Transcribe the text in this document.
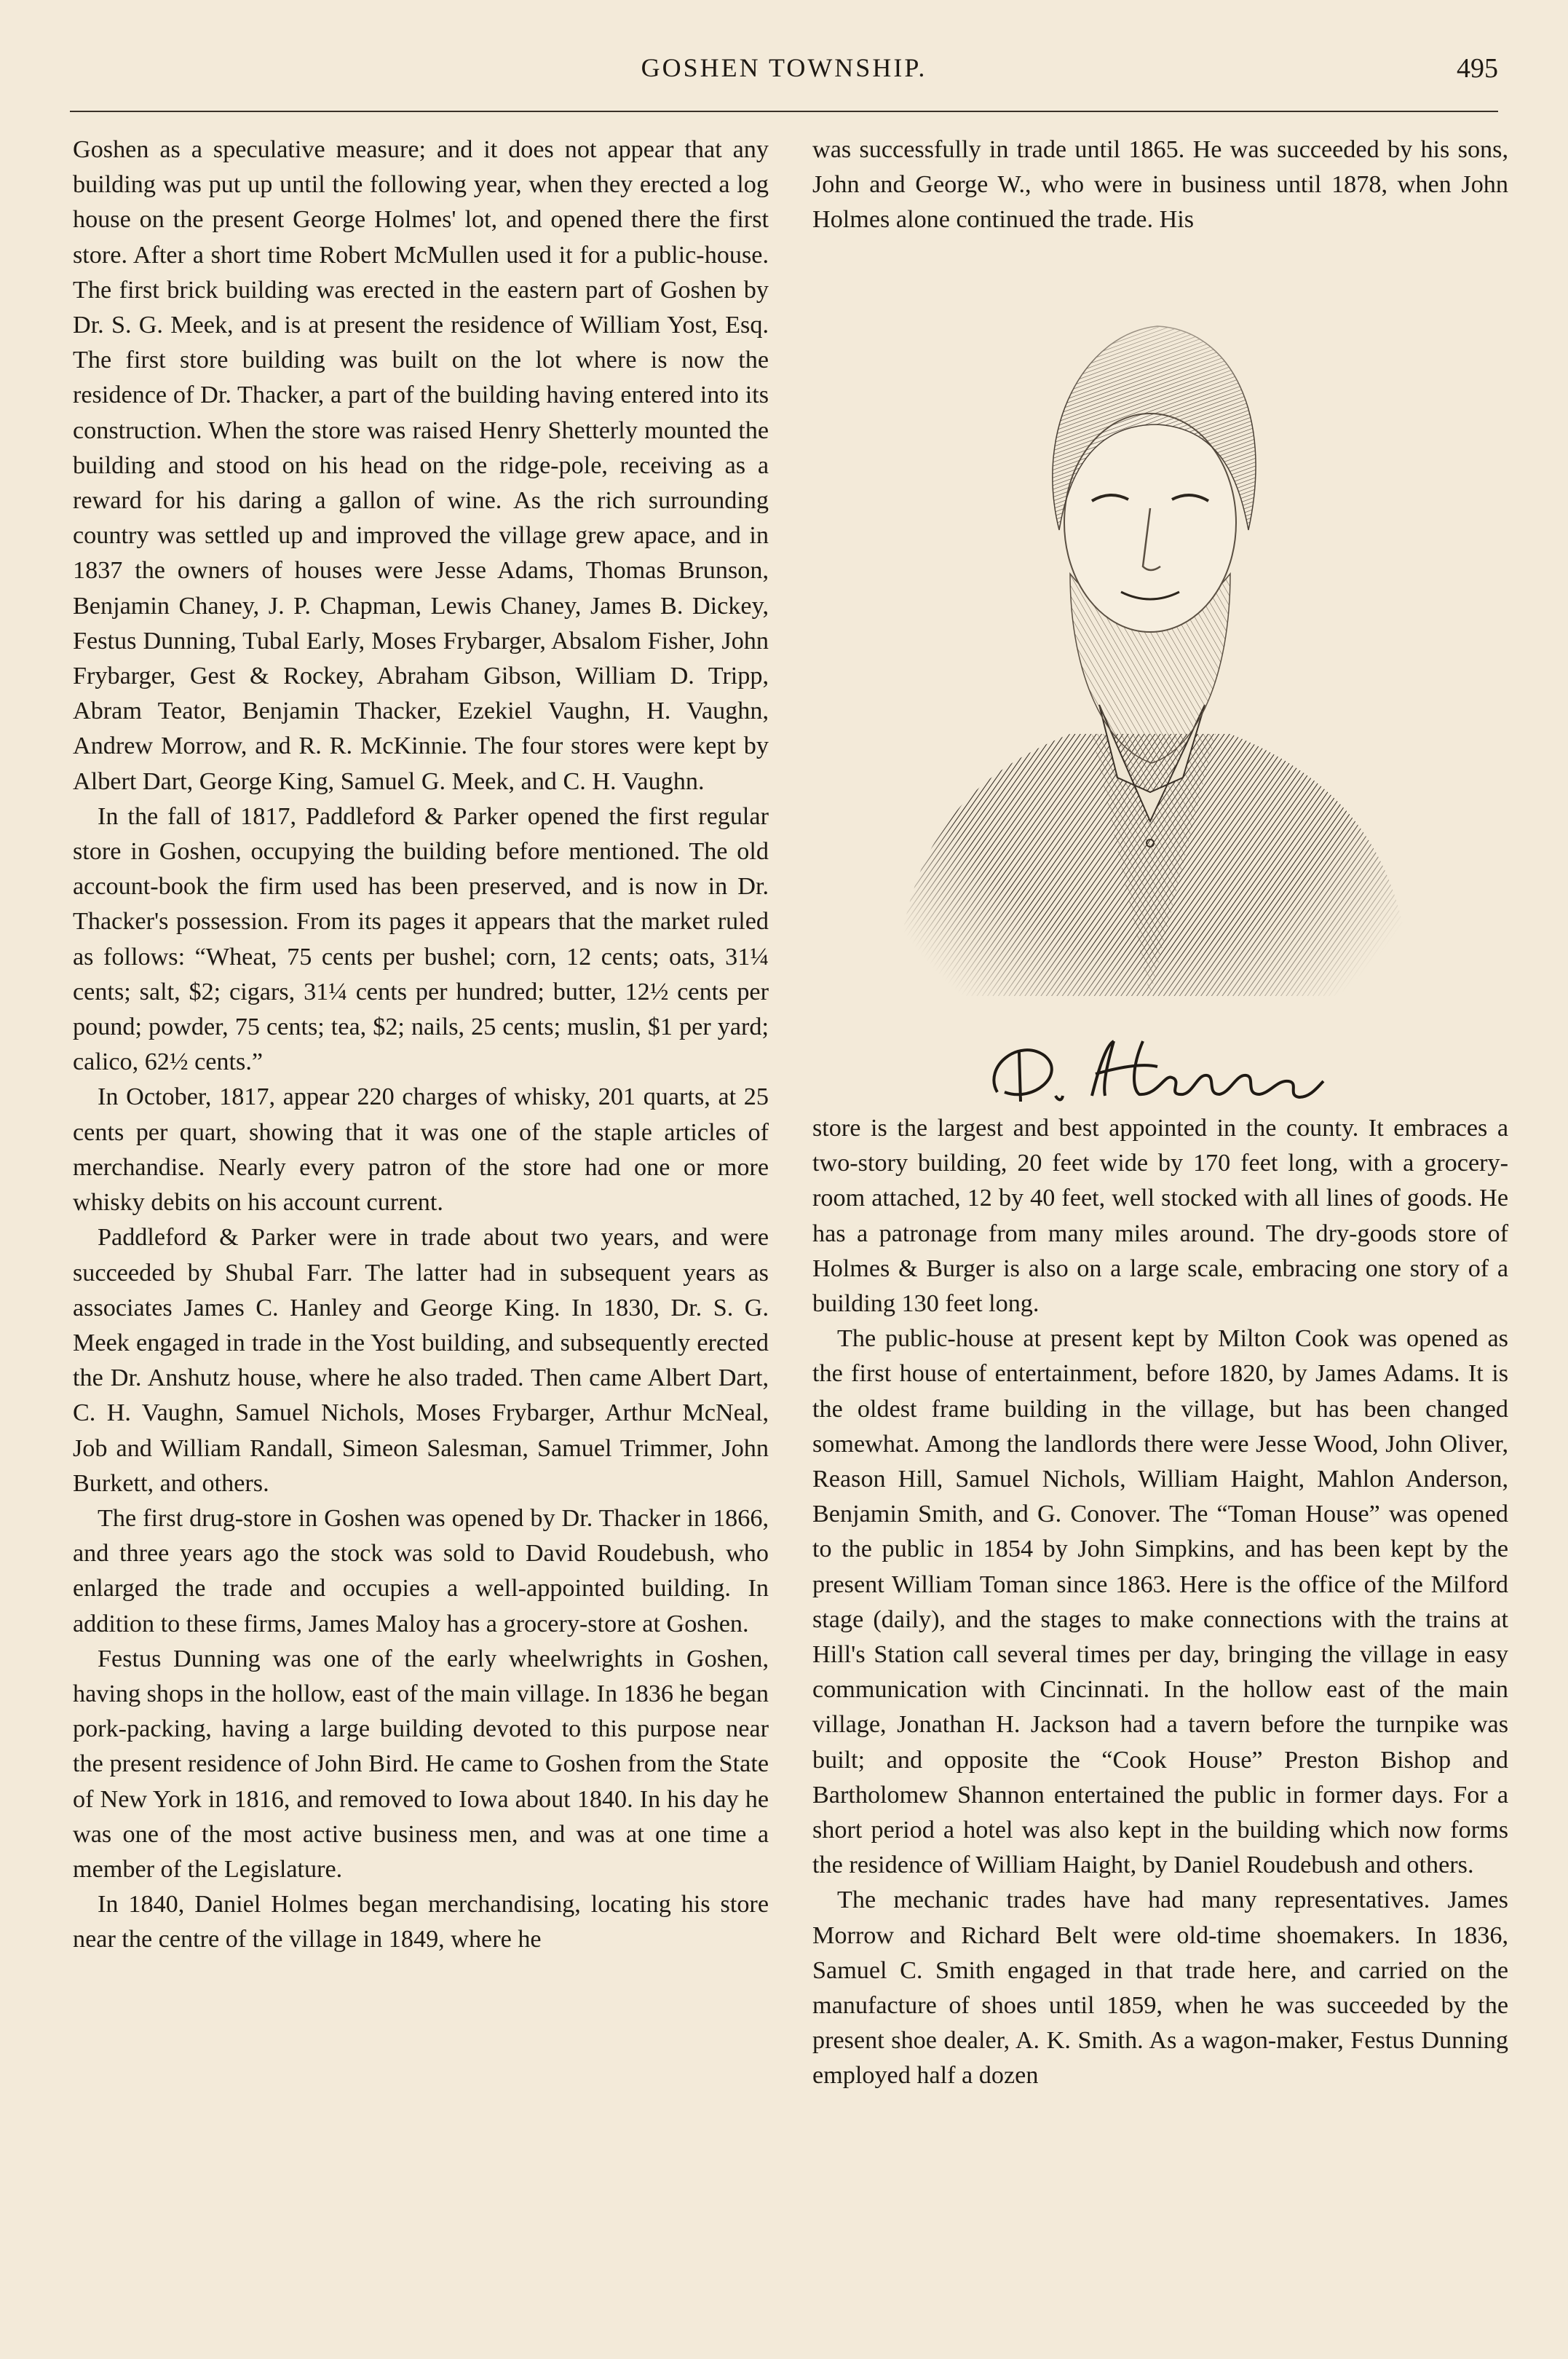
GOSHEN TOWNSHIP.	495

Goshen as a speculative measure; and it does not appear that any building was put up until the following year, when they erected a log house on the present George Holmes' lot, and opened there the first store. After a short time Robert McMullen used it for a public-house. The first brick building was erected in the eastern part of Goshen by Dr. S. G. Meek, and is at present the residence of William Yost, Esq. The first store building was built on the lot where is now the residence of Dr. Thacker, a part of the building having entered into its construction. When the store was raised Henry Shetterly mounted the building and stood on his head on the ridge-pole, receiving as a reward for his daring a gallon of wine. As the rich surrounding country was settled up and improved the village grew apace, and in 1837 the owners of houses were Jesse Adams, Thomas Brunson, Benjamin Chaney, J. P. Chapman, Lewis Chaney, James B. Dickey, Festus Dunning, Tubal Early, Moses Frybarger, Absalom Fisher, John Frybarger, Gest & Rockey, Abraham Gibson, William D. Tripp, Abram Teator, Benjamin Thacker, Ezekiel Vaughn, H. Vaughn, Andrew Morrow, and R. R. McKinnie. The four stores were kept by Albert Dart, George King, Samuel G. Meek, and C. H. Vaughn.

In the fall of 1817, Paddleford & Parker opened the first regular store in Goshen, occupying the building before mentioned. The old account-book the firm used has been preserved, and is now in Dr. Thacker's possession. From its pages it appears that the market ruled as follows: “Wheat, 75 cents per bushel; corn, 12 cents; oats, 31¼ cents; salt, $2; cigars, 31¼ cents per hundred; butter, 12½ cents per pound; powder, 75 cents; tea, $2; nails, 25 cents; muslin, $1 per yard; calico, 62½ cents.”

In October, 1817, appear 220 charges of whisky, 201 quarts, at 25 cents per quart, showing that it was one of the staple articles of merchandise. Nearly every patron of the store had one or more whisky debits on his account current.

Paddleford & Parker were in trade about two years, and were succeeded by Shubal Farr. The latter had in subsequent years as associates James C. Hanley and George King. In 1830, Dr. S. G. Meek engaged in trade in the Yost building, and subsequently erected the Dr. Anshutz house, where he also traded. Then came Albert Dart, C. H. Vaughn, Samuel Nichols, Moses Frybarger, Arthur McNeal, Job and William Randall, Simeon Salesman, Samuel Trimmer, John Burkett, and others.

The first drug-store in Goshen was opened by Dr. Thacker in 1866, and three years ago the stock was sold to David Roudebush, who enlarged the trade and occupies a well-appointed building. In addition to these firms, James Maloy has a grocery-store at Goshen.

Festus Dunning was one of the early wheelwrights in Goshen, having shops in the hollow, east of the main village. In 1836 he began pork-packing, having a large building devoted to this purpose near the present residence of John Bird. He came to Goshen from the State of New York in 1816, and removed to Iowa about 1840. In his day he was one of the most active business men, and was at one time a member of the Legislature.

In 1840, Daniel Holmes began merchandising, locating his store near the centre of the village in 1849, where he

was successfully in trade until 1865. He was succeeded by his sons, John and George W., who were in business until 1878, when John Holmes alone continued the trade. His

store is the largest and best appointed in the county. It embraces a two-story building, 20 feet wide by 170 feet long, with a grocery-room attached, 12 by 40 feet, well stocked with all lines of goods. He has a patronage from many miles around. The dry-goods store of Holmes & Burger is also on a large scale, embracing one story of a building 130 feet long.

The public-house at present kept by Milton Cook was opened as the first house of entertainment, before 1820, by James Adams. It is the oldest frame building in the village, but has been changed somewhat. Among the landlords there were Jesse Wood, John Oliver, Reason Hill, Samuel Nichols, William Haight, Mahlon Anderson, Benjamin Smith, and G. Conover. The “Toman House” was opened to the public in 1854 by John Simpkins, and has been kept by the present William Toman since 1863. Here is the office of the Milford stage (daily), and the stages to make connections with the trains at Hill's Station call several times per day, bringing the village in easy communication with Cincinnati. In the hollow east of the main village, Jonathan H. Jackson had a tavern before the turnpike was built; and opposite the “Cook House” Preston Bishop and Bartholomew Shannon entertained the public in former days. For a short period a hotel was also kept in the building which now forms the residence of William Haight, by Daniel Roudebush and others.

The mechanic trades have had many representatives. James Morrow and Richard Belt were old-time shoemakers. In 1836, Samuel C. Smith engaged in that trade here, and carried on the manufacture of shoes until 1859, when he was succeeded by the present shoe dealer, A. K. Smith. As a wagon-maker, Festus Dunning employed half a dozen
